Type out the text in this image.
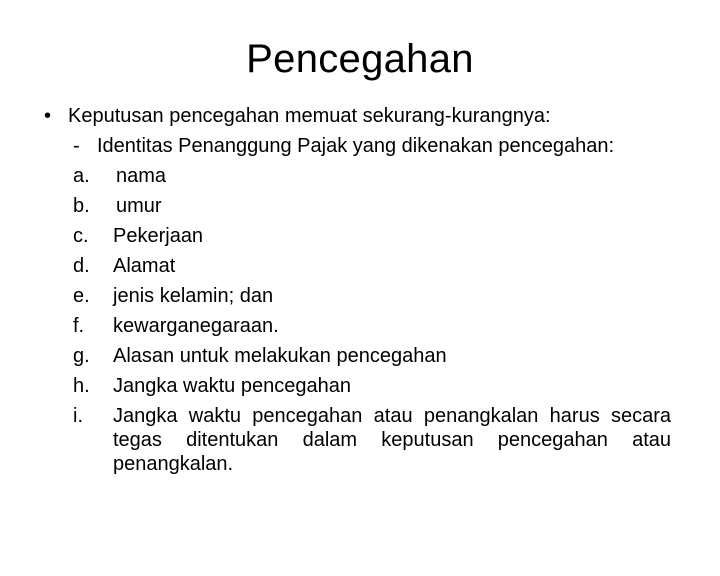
Pencegahan
• Keputusan pencegahan memuat sekurang-kurangnya:
- Identitas Penanggung Pajak yang dikenakan pencegahan:
a.	nama
b.	umur
c.	Pekerjaan
d.	Alamat
e.	jenis kelamin; dan
f.	kewarganegaraan.
g.	Alasan untuk melakukan pencegahan
h.	Jangka waktu pencegahan
i.	Jangka waktu pencegahan atau penangkalan harus secara tegas ditentukan dalam keputusan pencegahan atau penangkalan.
